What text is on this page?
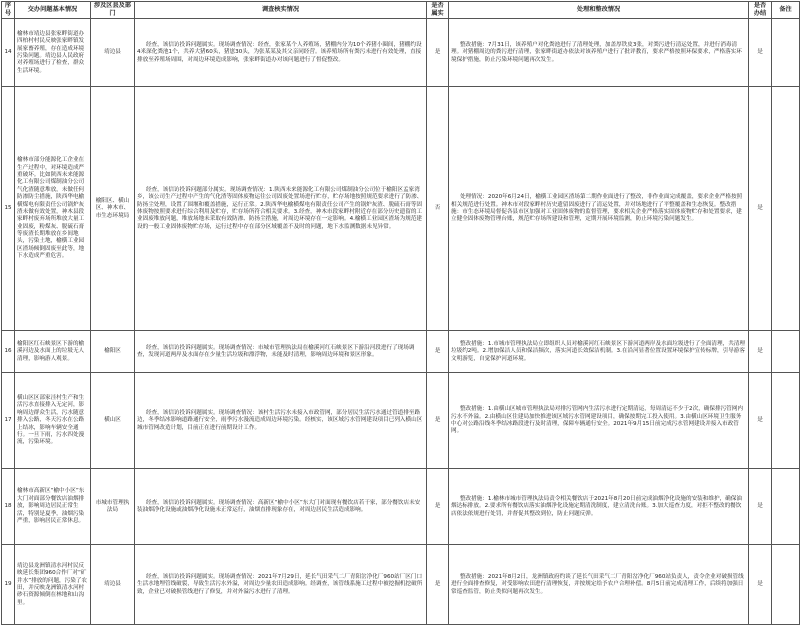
序号	交办问题基本情况	涉及区县及部门	调查核实情况	是否属实	处理和整改情况	是否办结	备注
14	榆林市靖边县张家畔街道办四柏村村民反映张家畔镇发展家畜养殖，存在造成环境污染问题。靖边县人民政府对养殖场进行了检查，群众生活环境。	靖边县	经查，该信访投诉问题属实。现场调查情况：经查，张家某个人养殖场，猪棚内分为10个养猪小圈间，猪棚约设4米深化粪池1个，共养大猪60头，猪崽30头，为张某某及其父亲同经营。该养殖场所有粪污未进行有效处理，直接排放至养殖场周围，对周边环境造成影响，张家畔街道办对该问题进行了督促整改。	是	整改措施：7月31日，该养殖户对化粪池进行了清理处理，加盖厚铁皮3张，对粪污进行清运处置，并进行消毒清理。对猪棚周边的粪污进行清理，张家畔街道办依法对该养殖户进行了批评教育，要求严格按照环保要求，严格落实环境保护措施，防止污染环境问题再次发生。	是	
15	榆林市部分能源化工企业在生产过程中，对环境造成严重破坏。比如陕西未来能源化工有限公司煤制油分公司气化渣随意堆放，未做任何防渗防尘措施，陕西华电榆横煤电有限责任公司锅炉灰渣未做有效处置，神木县段家畔村废弃场所堆放大量工业固废，粉煤灰、脱硫石膏等废渣长期堆放在乡间地头，污染土地，榆横工业园区渣场倾倒固废至此等，地下水造成严重危害。	榆阳区、横山区、神木市、市生态环境局	经查，该信访投诉问题部分属实。现场调查情况：1.陕西未来能源化工有限公司煤制油分公司位于榆阳区孟家湾乡，该公司生产过程中产生的气化渣等固体废物运往公司固废处置场进行贮存，贮存场地按照规范要求进行了防渗、防扬尘处理，设置了围堰和覆盖措施，运行正常。2.陕西华电榆横煤电有限责任公司产生的锅炉灰渣、脱硫石膏等固体废物按照要求进行综合利用及贮存，贮存场所符合相关要求。3.经查，神木市段家畔村附近存在部分历史遗留的工业固废堆放问题，堆放场地未采取有效防渗、防扬尘措施，对周边环境存在一定影响。4.榆横工业园区渣场为规范建设的一般工业固体废物贮存场，运行过程中存在部分区域覆盖不及时的问题，地下水监测数据未见异常。	否	处理情况：2020年6月24日，榆横工业园区渣场第二期作业面进行了整改，非作业面完成覆盖，要求企业严格按照相关规范进行处置。神木市对段家畔村历史遗留固废进行了清运处置，并对场地进行了平整覆盖和生态恢复。整改措施：市生态环境局督促各县市区加强对工业固体废物的监督管理，要求相关企业严格落实固体废物贮存和处置要求，建立健全固体废物管理台账，规范贮存场所建设和管理，定期开展环境监测，防止环境污染问题发生。	是	
16	榆阳区红石峡景区下游的榆溪河边及水面上的垃圾无人清理，影响游人观景。	榆阳区	经查，该信访投诉问题属实。现场调查情况：市城市管理执法局在榆溪河红石峡景区下游沿河段进行了现场调查，发现河道两岸及水面存在少量生活垃圾和漂浮物，未能及时清理，影响周边环境和景区形象。	是	整改措施：1.市城市管理执法局立即组织人员对榆溪河红石峡景区下游河道两岸及水面垃圾进行了全面清理，共清理垃圾约2吨。2.增加保洁人员和保洁频次，落实河道长效保洁机制。3.在沿河显著位置设置环境保护宣传标牌，引导游客文明游览，自觉保护河道环境。	是	
17	横山区区部家洼村生产和生活污水直接排入无定河，影响周边群众生活，污水随意排入公路，冬天污水在公路上结冰，影响车辆安全通行。一旦下雨，污水四处漫流，污染环境。	横山区	经查，该信访投诉问题属实。现场调查情况：该村生活污水未接入市政管网，部分居民生活污水通过管道排至路边，冬季结冰影响道路通行安全，雨季污水漫流造成周边环境污染。经核实，该区域污水管网建设项目已列入横山区城市管网改造计划，目前正在进行前期设计工作。	是	整改措施：1.由横山区城市管理执法局对排污管网内生活污水进行定期清运，每周清运不少于2次，确保排污管网内污水不外溢。2.由横山区住建局加快推进该区域污水管网建设项目，确保按期完工投入使用。3.由横山区环境卫生服务中心对公路沿线冬季结冰路段进行及时清理，保障车辆通行安全。2021年9月15日前完成污水管网建设并接入市政管网。	是	
18	榆林市高新区“榆中小区”东大门对面部分餐饮店油烟排放，影响周边居民正常生活，特别是夏季，油烟污染严重，影响居民正常休息。	市城市管理执法局	经查，该信访投诉问题属实。现场调查情况：高新区“榆中小区”东大门对面现有餐饮店若干家，部分餐饮店未安装油烟净化设施或油烟净化设施未正常运行，油烟直排现象存在，对周边居民生活造成影响。	是	整改措施：1.榆林市城市管理执法局责令相关餐饮店于2021年8月20日前完成油烟净化设施的安装和维护，确保油烟达标排放。2.要求所有餐饮店落实油烟净化设施定期清洗制度，建立清洗台账。3.加大巡查力度，对拒不整改的餐饮店依法依规进行处罚，并督促其整改到位，防止问题反弹。	是	
19	靖边县龙洲镇清水河村民反映延长集团960合作厂对“矿井水”排放的问题，污染了农田，并反映龙洲镇清水河村砂石资源倾倒在林地和山沟里。	靖边县	经查，该信访投诉问题属实。现场调查情况：2021年7月29日，延长气田采气二厂青阳岔净化厂960站厂区门口生活水地埋管线破裂，导致生活污水外溢，对周边少量农田造成影响。经调查，该管线系施工过程中被挖掘机挖破所致，企业已对破损管线进行了修复，并对外溢污水进行了清理。	是	整改措施：2021年8月2日，龙洲镇政府约谈了延长气田采气二厂青阳岔净化厂960站负责人，责令企业对破损管线进行全面排查修复，对受影响农田进行清理恢复，并按规定给予农户合理补偿。8月5日前完成清理工作，后续将加强日常巡查监管，防止类似问题再次发生。	是	
